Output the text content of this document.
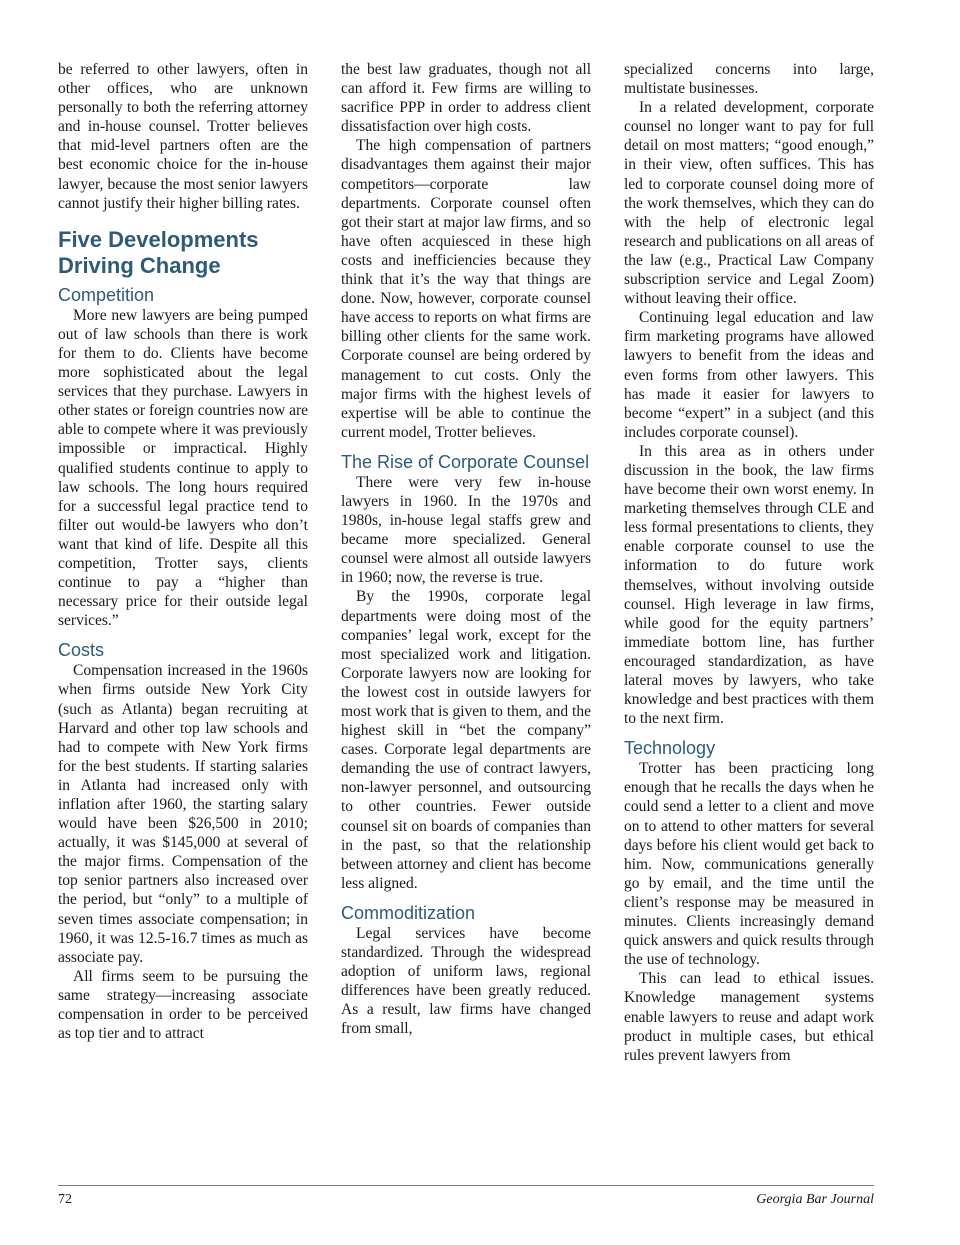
be referred to other lawyers, often in other offices, who are unknown personally to both the referring attorney and in-house counsel. Trotter believes that mid-level partners often are the best economic choice for the in-house lawyer, because the most senior lawyers cannot justify their higher billing rates.

Five Developments Driving Change
Competition

More new lawyers are being pumped out of law schools than there is work for them to do. Clients have become more sophisticated about the legal services that they purchase. Lawyers in other states or foreign countries now are able to compete where it was previously impossible or impractical. Highly qualified students continue to apply to law schools. The long hours required for a successful legal practice tend to filter out would-be lawyers who don’t want that kind of life. Despite all this competition, Trotter says, clients continue to pay a “higher than necessary price for their outside legal services.”

Costs

Compensation increased in the 1960s when firms outside New York City (such as Atlanta) began recruiting at Harvard and other top law schools and had to compete with New York firms for the best students. If starting salaries in Atlanta had increased only with inflation after 1960, the starting salary would have been $26,500 in 2010; actually, it was $145,000 at several of the major firms. Compensation of the top senior partners also increased over the period, but “only” to a multiple of seven times associate compensation; in 1960, it was 12.5-16.7 times as much as associate pay.

All firms seem to be pursuing the same strategy—increasing associate compensation in order to be perceived as top tier and to attract

the best law graduates, though not all can afford it. Few firms are willing to sacrifice PPP in order to address client dissatisfaction over high costs.

The high compensation of partners disadvantages them against their major competitors—corporate law departments. Corporate counsel often got their start at major law firms, and so have often acquiesced in these high costs and inefficiencies because they think that it’s the way that things are done. Now, however, corporate counsel have access to reports on what firms are billing other clients for the same work. Corporate counsel are being ordered by management to cut costs. Only the major firms with the highest levels of expertise will be able to continue the current model, Trotter believes.

The Rise of Corporate Counsel

There were very few in-house lawyers in 1960. In the 1970s and 1980s, in-house legal staffs grew and became more specialized. General counsel were almost all outside lawyers in 1960; now, the reverse is true.

By the 1990s, corporate legal departments were doing most of the companies’ legal work, except for the most specialized work and litigation. Corporate lawyers now are looking for the lowest cost in outside lawyers for most work that is given to them, and the highest skill in “bet the company” cases. Corporate legal departments are demanding the use of contract lawyers, non-lawyer personnel, and outsourcing to other countries. Fewer outside counsel sit on boards of companies than in the past, so that the relationship between attorney and client has become less aligned.

Commoditization

Legal services have become standardized. Through the widespread adoption of uniform laws, regional differences have been greatly reduced. As a result, law firms have changed from small,

specialized concerns into large, multistate businesses.

In a related development, corporate counsel no longer want to pay for full detail on most matters; “good enough,” in their view, often suffices. This has led to corporate counsel doing more of the work themselves, which they can do with the help of electronic legal research and publications on all areas of the law (e.g., Practical Law Company subscription service and Legal Zoom) without leaving their office.

Continuing legal education and law firm marketing programs have allowed lawyers to benefit from the ideas and even forms from other lawyers. This has made it easier for lawyers to become “expert” in a subject (and this includes corporate counsel).

In this area as in others under discussion in the book, the law firms have become their own worst enemy. In marketing themselves through CLE and less formal presentations to clients, they enable corporate counsel to use the information to do future work themselves, without involving outside counsel. High leverage in law firms, while good for the equity partners’ immediate bottom line, has further encouraged standardization, as have lateral moves by lawyers, who take knowledge and best practices with them to the next firm.

Technology

Trotter has been practicing long enough that he recalls the days when he could send a letter to a client and move on to attend to other matters for several days before his client would get back to him. Now, communications generally go by email, and the time until the client’s response may be measured in minutes. Clients increasingly demand quick answers and quick results through the use of technology.

This can lead to ethical issues. Knowledge management systems enable lawyers to reuse and adapt work product in multiple cases, but ethical rules prevent lawyers from

72	Georgia Bar Journal
